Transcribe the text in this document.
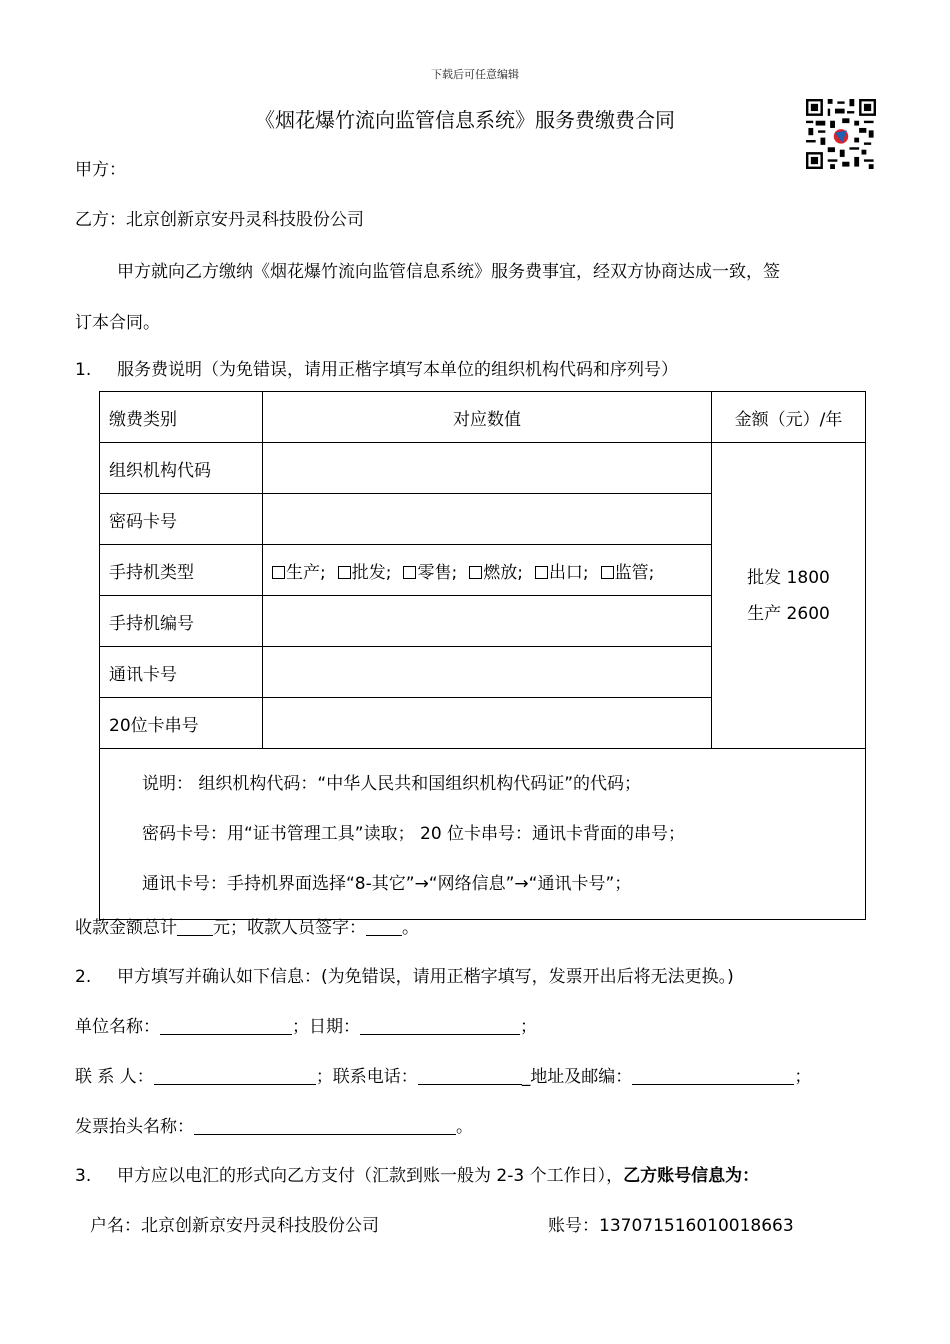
下载后可任意编辑
《烟花爆竹流向监管信息系统》服务费缴费合同
甲方：
乙方：北京创新京安丹灵科技股份公司
甲方就向乙方缴纳《烟花爆竹流向监管信息系统》服务费事宜，经双方协商达成一致，签
订本合同。
1. 服务费说明（为免错误，请用正楷字填写本单位的组织机构代码和序列号）
缴费类别	对应数值	金额（元）/年
组织机构代码		批发 1800
生产 2600

密码卡号		
手持机类型	生产; 批发; 零售; 燃放; 出口; 监管;	
手持机编号		
通讯卡号		
20位卡串号		

说明： 组织机构代码：“中华人民共和国组织机构代码证”的代码；
密码卡号：用“证书管理工具”读取； 20 位卡串号：通讯卡背面的串号；
通讯卡号：手持机界面选择“8-其它”→“网络信息”→“通讯卡号”；		
收款金额总计 元；收款人员签字： 。
2. 甲方填写并确认如下信息：(为免错误，请用正楷字填写，发票开出后将无法更换。)
单位名称：	；日期：	；
联 系 人：	；联系电话：	_地址及邮编：	；
发票抬头名称：	。
3. 甲方应以电汇的形式向乙方支付（汇款到账一般为 2-3 个工作日），乙方账号信息为：
户名：北京创新京安丹灵科技股份公司	账号：137071516010018663
